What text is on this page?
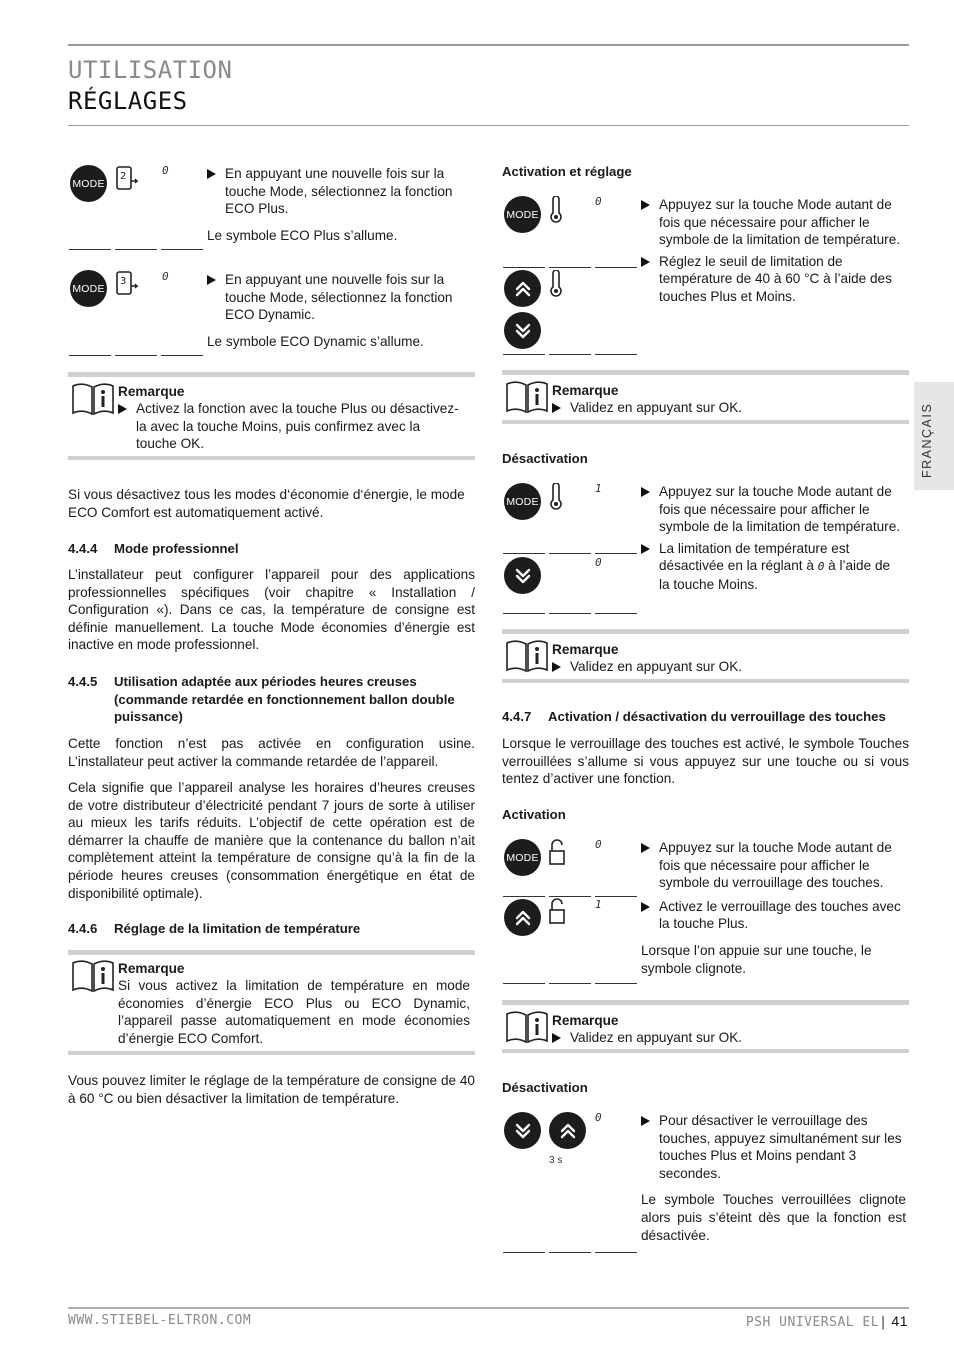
UTILISATION
RÉGLAGES
FRANÇAIS
MODE
2	0	En appuyant une nouvelle fois sur la touche Mode, sélectionnez la fonction ECO Plus.
Le symbole ECO Plus s’allume.
MODE
3	0	En appuyant une nouvelle fois sur la touche Mode, sélectionnez la fonction ECO Dynamic.
Le symbole ECO Dynamic s’allume.
Remarque
Activez la fonction avec la touche Plus ou désactivez-la avec la touche Moins, puis confirmez avec la touche OK.
Si vous désactivez tous les modes d‘économie d‘énergie, le mode ECO Comfort est automatiquement activé.
4.4.4 Mode professionnel
L’installateur peut configurer l’appareil pour des applications professionnelles spécifiques (voir chapitre « Installation / Configuration «). Dans ce cas, la température de consigne est définie manuellement. La touche Mode économies d’énergie est inactive en mode professionnel.
4.4.5	Utilisation adaptée aux périodes heures creuses (commande retardée en fonctionnement ballon double puissance)
Cette fonction n’est pas activée en configuration usine. L’installateur peut activer la commande retardée de l’appareil.
Cela signifie que l’appareil analyse les horaires d’heures creuses de votre distributeur d’électricité pendant 7 jours de sorte à utiliser au mieux les tarifs réduits. L’objectif de cette opération est de démarrer la chauffe de manière que la contenance du ballon n’ait complètement atteint la température de consigne qu’à la fin de la période heures creuses (consommation énergétique en état de disponibilité optimale).
4.4.6 Réglage de la limitation de température
Remarque
Si vous activez la limitation de température en mode économies d’énergie ECO Plus ou ECO Dynamic, l’appareil passe automatiquement en mode économies d’énergie ECO Comfort.
Vous pouvez limiter le réglage de la température de consigne de 40 à 60 °C ou bien désactiver la limitation de température.
Activation et réglage
MODE
0	Appuyez sur la touche Mode autant de fois que nécessaire pour afficher le symbole de la limitation de température.
Réglez le seuil de limitation de température de 40 à 60 °C à l’aide des touches Plus et Moins.
Remarque
Validez en appuyant sur OK.
Désactivation
MODE
1
0
Appuyez sur la touche Mode autant de fois que nécessaire pour afficher le symbole de la limitation de température.
La limitation de température est désactivée en la réglant à 0 à l’aide de la touche Moins.
Remarque
Validez en appuyant sur OK.
4.4.7 Activation / désactivation du verrouillage des touches
Lorsque le verrouillage des touches est activé, le symbole Touches verrouillées s’allume si vous appuyez sur une touche ou si vous tentez d’activer une fonction.
Activation
MODE
0
1
Appuyez sur la touche Mode autant de fois que nécessaire pour afficher le symbole du verrouillage des touches.
Activez le verrouillage des touches avec la touche Plus.
Lorsque l’on appuie sur une touche, le symbole clignote.
Remarque
Validez en appuyant sur OK.
Désactivation
3 s
0	Pour désactiver le verrouillage des touches, appuyez simultanément sur les touches Plus et Moins pendant 3 secondes.
Le symbole Touches verrouillées clignote alors puis s’éteint dès que la fonction est désactivée.
WWW.STIEBEL-ELTRON.COM	PSH UNIVERSAL EL| 41
